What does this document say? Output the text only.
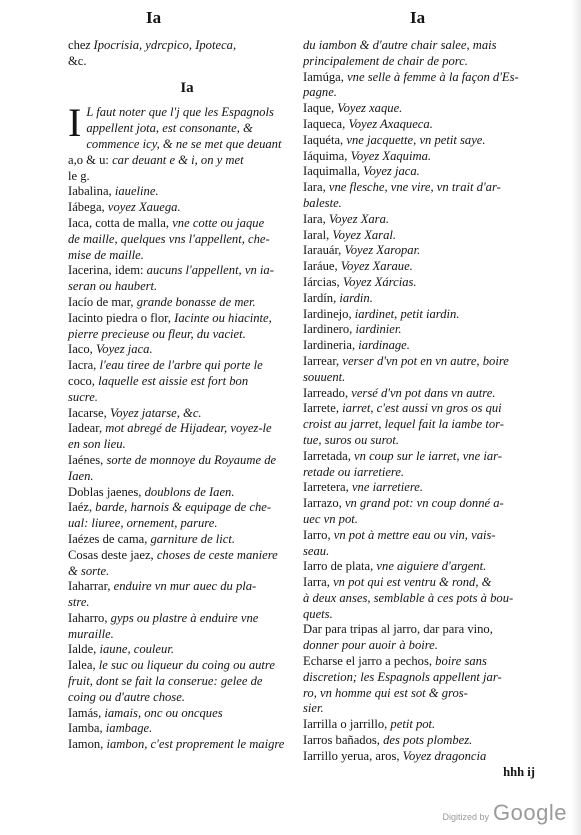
Ia	Ia
chez Ipocrisia, ydrcpico, Ipoteca,
&c.
Ia
I L faut noter que l'j que les Espagnols
appellent jota, est consonante, &
commence icy, & ne se met que deuant
a,o & u: car deuant e & i, on y met
le g.
Iabalina, iaueline.
Iábega, voyez Xauega.
Iaca, cotta de malla, vne cotte ou jaque
de maille, quelques vns l'appellent, che-
mise de maille.
Iacerina, idem: aucuns l'appellent, vn ia-
seran ou haubert.
Iacío de mar, grande bonasse de mer.
Iacinto piedra o flor, Iacinte ou hiacinte,
pierre precieuse ou fleur, du vaciet.
Iaco, Voyez jaca.
Iacra, l'eau tiree de l'arbre qui porte le
coco, laquelle est aissie est fort bon
sucre.
Iacarse, Voyez jatarse, &c.
Iadear, mot abregé de Hijadear, voyez-le
en son lieu.
Iaénes, sorte de monnoye du Royaume de
Iaen.
Doblas jaenes, doublons de Iaen.
Iaéz, barde, harnois & equipage de che-
ual: liuree, ornement, parure.
Iaézes de cama, garniture de lict.
Cosas deste jaez, choses de ceste maniere
& sorte.
Iaharrar, enduire vn mur auec du pla-
stre.
Iaharro, gyps ou plastre à enduire vne
muraille.
Ialde, iaune, couleur.
Ialea, le suc ou liqueur du coing ou autre
fruit, dont se fait la conserue: gelee de
coing ou d'autre chose.
Iamás, iamais, onc ou oncques
Iamba, iambage.
Iamon, iambon, c'est proprement le maigre
du iambon & d'autre chair salee, mais
principalement de chair de porc.
Iamúga, vne selle à femme à la façon d'Es-
pagne.
Iaque, Voyez xaque.
Iaqueca, Voyez Axaqueca.
Iaquéta, vne jacquette, vn petit saye.
Iáquima, Voyez Xaquima.
Iaquimalla, Voyez jaca.
Iara, vne flesche, vne vire, vn trait d'ar-
baleste.
Iara, Voyez Xara.
Iaral, Voyez Xaral.
Iarauár, Voyez Xaropar.
Iaráue, Voyez Xaraue.
Iárcias, Voyez Xárcias.
Iardín, iardin.
Iardinejo, iardinet, petit iardin.
Iardinero, iardinier.
Iardineria, iardinage.
Iarrear, verser d'vn pot en vn autre, boire
souuent.
Iarreado, versé d'vn pot dans vn autre.
Iarrete, iarret, c'est aussi vn gros os qui
croist au jarret, lequel fait la iambe tor-
tue, suros ou surot.
Iarretada, vn coup sur le iarret, vne iar-
retade ou iarretiere.
Iarretera, vne iarretiere.
Iarrazo, vn grand pot: vn coup donné a-
uec vn pot.
Iarro, vn pot à mettre eau ou vin, vais-
seau.
Iarro de plata, vne aiguiere d'argent.
Iarra, vn pot qui est ventru & rond, &
à deux anses, semblable à ces pots à bou-
quets.
Dar para tripas al jarro, dar para vino,
donner pour auoir à boire.
Echarse el jarro a pechos, boire sans
discretion; les Espagnols appellent jar-
ro, vn homme qui est sot & gros-
sier.
Iarrilla o jarrillo, petit pot.
Iarros bañados, des pots plombez.
Iarrillo yerua, aros, Voyez dragoncia
hhh ij
Digitized by Google
